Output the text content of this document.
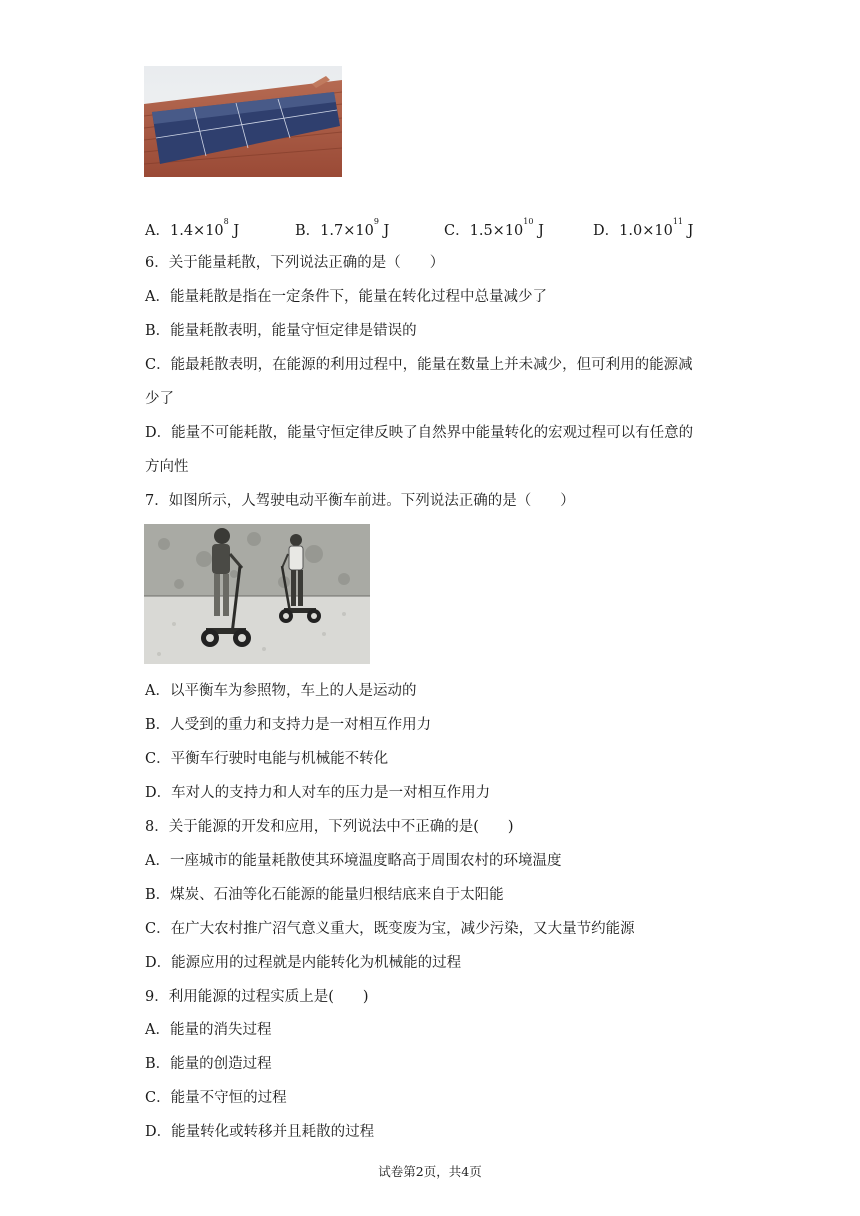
A．$1.4\times 10^8$ J	B．$1.7\times 10^9$ J	C．$1.5\times 10^{10}$ J	D．$1.0\times 10^{11}$ J
6．关于能量耗散，下列说法正确的是（　　）
A．能量耗散是指在一定条件下，能量在转化过程中总量减少了
B．能量耗散表明，能量守恒定律是错误的
C．能最耗散表明，在能源的利用过程中，能量在数量上并未减少，但可利用的能源减
少了
D．能量不可能耗散，能量守恒定律反映了自然界中能量转化的宏观过程可以有任意的
方向性
7．如图所示，人驾驶电动平衡车前进。下列说法正确的是（　　）
A．以平衡车为参照物，车上的人是运动的
B．人受到的重力和支持力是一对相互作用力
C．平衡车行驶时电能与机械能不转化
D．车对人的支持力和人对车的压力是一对相互作用力
8．关于能源的开发和应用，下列说法中不正确的是(　　)
A．一座城市的能量耗散使其环境温度略高于周围农村的环境温度
B．煤炭、石油等化石能源的能量归根结底来自于太阳能
C．在广大农村推广沼气意义重大，既变废为宝，减少污染，又大量节约能源
D．能源应用的过程就是内能转化为机械能的过程
9．利用能源的过程实质上是(　　)
A．能量的消失过程
B．能量的创造过程
C．能量不守恒的过程
D．能量转化或转移并且耗散的过程
试卷第2页，共4页
